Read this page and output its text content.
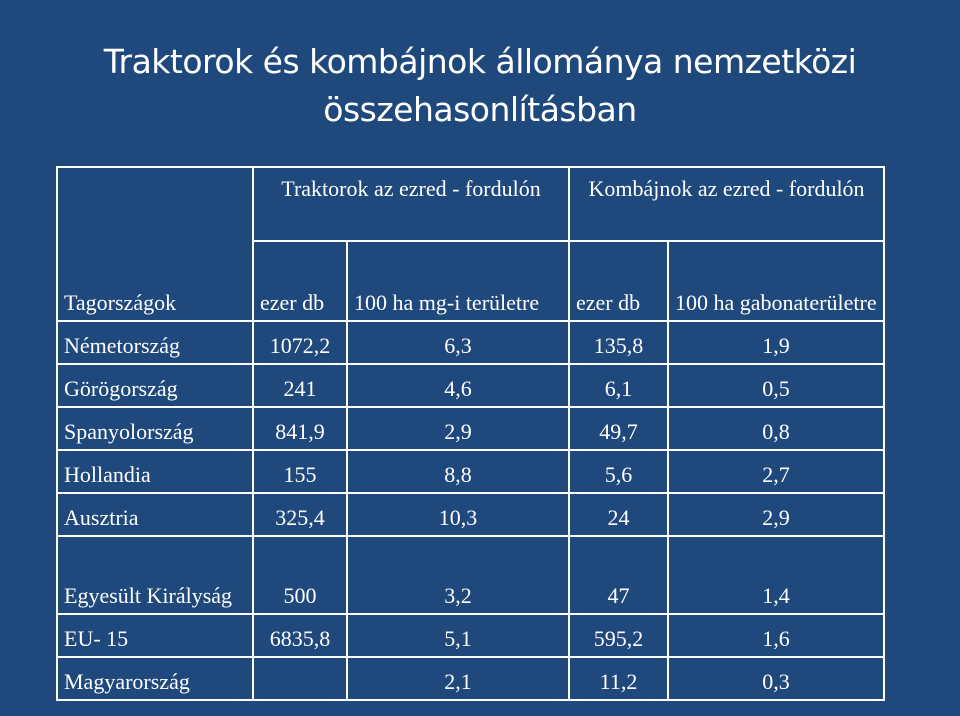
Traktorok és kombájnok állománya nemzetközi összehasonlításban
Tagországok	Traktorok az ezred - fordulón		Kombájnok az ezred - fordulón	
	ezer db	100 ha mg-i területre	ezer db	100 ha gabonaterületre
Németország	1072,2	6,3	135,8	1,9
Görögország	241	4,6	6,1	0,5
Spanyolország	841,9	2,9	49,7	0,8
Hollandia	155	8,8	5,6	2,7
Ausztria	325,4	10,3	24	2,9
Egyesült Királyság	500	3,2	47	1,4
EU- 15	6835,8	5,1	595,2	1,6
Magyarország		2,1	11,2	0,3
